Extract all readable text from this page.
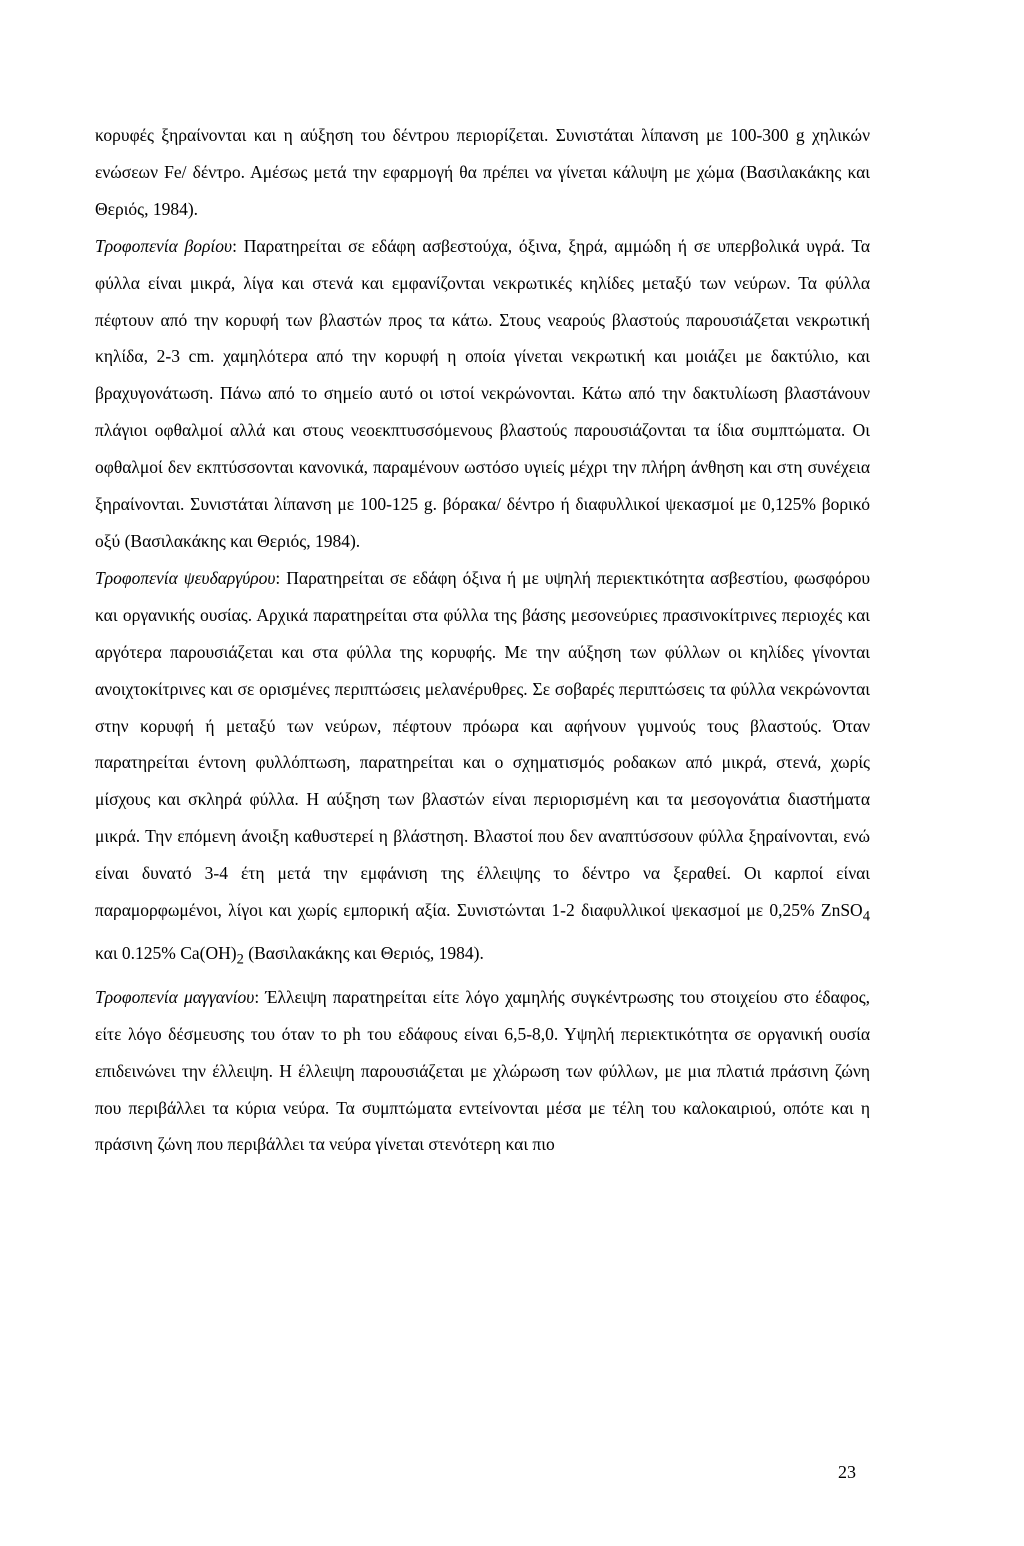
κορυφές ξηραίνονται και η αύξηση του δέντρου περιορίζεται. Συνιστάται λίπανση με 100-300 g χηλικών ενώσεων Fe/ δέντρο. Αμέσως μετά την εφαρμογή θα πρέπει να γίνεται κάλυψη με χώμα (Βασιλακάκης και Θεριός, 1984).

Τροφοπενία βορίου: Παρατηρείται σε εδάφη ασβεστούχα, όξινα, ξηρά, αμμώδη ή σε υπερβολικά υγρά. Τα φύλλα είναι μικρά, λίγα και στενά και εμφανίζονται νεκρωτικές κηλίδες μεταξύ των νεύρων. Τα φύλλα πέφτουν από την κορυφή των βλαστών προς τα κάτω. Στους νεαρούς βλαστούς παρουσιάζεται νεκρωτική κηλίδα, 2-3 cm. χαμηλότερα από την κορυφή η οποία γίνεται νεκρωτική και μοιάζει με δακτύλιο, και βραχυγονάτωση. Πάνω από το σημείο αυτό οι ιστοί νεκρώνονται. Κάτω από την δακτυλίωση βλαστάνουν πλάγιοι οφθαλμοί αλλά και στους νεοεκπτυσσόμενους βλαστούς παρουσιάζονται τα ίδια συμπτώματα. Οι οφθαλμοί δεν εκπτύσσονται κανονικά, παραμένουν ωστόσο υγιείς μέχρι την πλήρη άνθηση και στη συνέχεια ξηραίνονται. Συνιστάται λίπανση με 100-125 g. βόρακα/ δέντρο ή διαφυλλικοί ψεκασμοί με 0,125% βορικό οξύ (Βασιλακάκης και Θεριός, 1984).

Τροφοπενία ψευδαργύρου: Παρατηρείται σε εδάφη όξινα ή με υψηλή περιεκτικότητα ασβεστίου, φωσφόρου και οργανικής ουσίας. Αρχικά παρατηρείται στα φύλλα της βάσης μεσονεύριες πρασινοκίτρινες περιοχές και αργότερα παρουσιάζεται και στα φύλλα της κορυφής. Με την αύξηση των φύλλων οι κηλίδες γίνονται ανοιχτοκίτρινες και σε ορισμένες περιπτώσεις μελανέρυθρες. Σε σοβαρές περιπτώσεις τα φύλλα νεκρώνονται στην κορυφή ή μεταξύ των νεύρων, πέφτουν πρόωρα και αφήνουν γυμνούς τους βλαστούς. Όταν παρατηρείται έντονη φυλλόπτωση, παρατηρείται και ο σχηματισμός ροδακων από μικρά, στενά, χωρίς μίσχους και σκληρά φύλλα. Η αύξηση των βλαστών είναι περιορισμένη και τα μεσογονάτια διαστήματα μικρά. Την επόμενη άνοιξη καθυστερεί η βλάστηση. Βλαστοί που δεν αναπτύσσουν φύλλα ξηραίνονται, ενώ είναι δυνατό 3-4 έτη μετά την εμφάνιση της έλλειψης το δέντρο να ξεραθεί. Οι καρποί είναι παραμορφωμένοι, λίγοι και χωρίς εμπορική αξία. Συνιστώνται 1-2 διαφυλλικοί ψεκασμοί με 0,25% ZnSO$_4$ και 0.125% $Ca(OH)_2$ (Βασιλακάκης και Θεριός, 1984).

Τροφοπενία μαγγανίου: Έλλειψη παρατηρείται είτε λόγο χαμηλής συγκέντρωσης του στοιχείου στο έδαφος, είτε λόγο δέσμευσης του όταν το ph του εδάφους είναι 6,5-8,0. Υψηλή περιεκτικότητα σε οργανική ουσία επιδεινώνει την έλλειψη. Η έλλειψη παρουσιάζεται με χλώρωση των φύλλων, με μια πλατιά πράσινη ζώνη που περιβάλλει τα κύρια νεύρα. Τα συμπτώματα εντείνονται μέσα με τέλη του καλοκαιριού, οπότε και η πράσινη ζώνη που περιβάλλει τα νεύρα γίνεται στενότερη και πιο

23
